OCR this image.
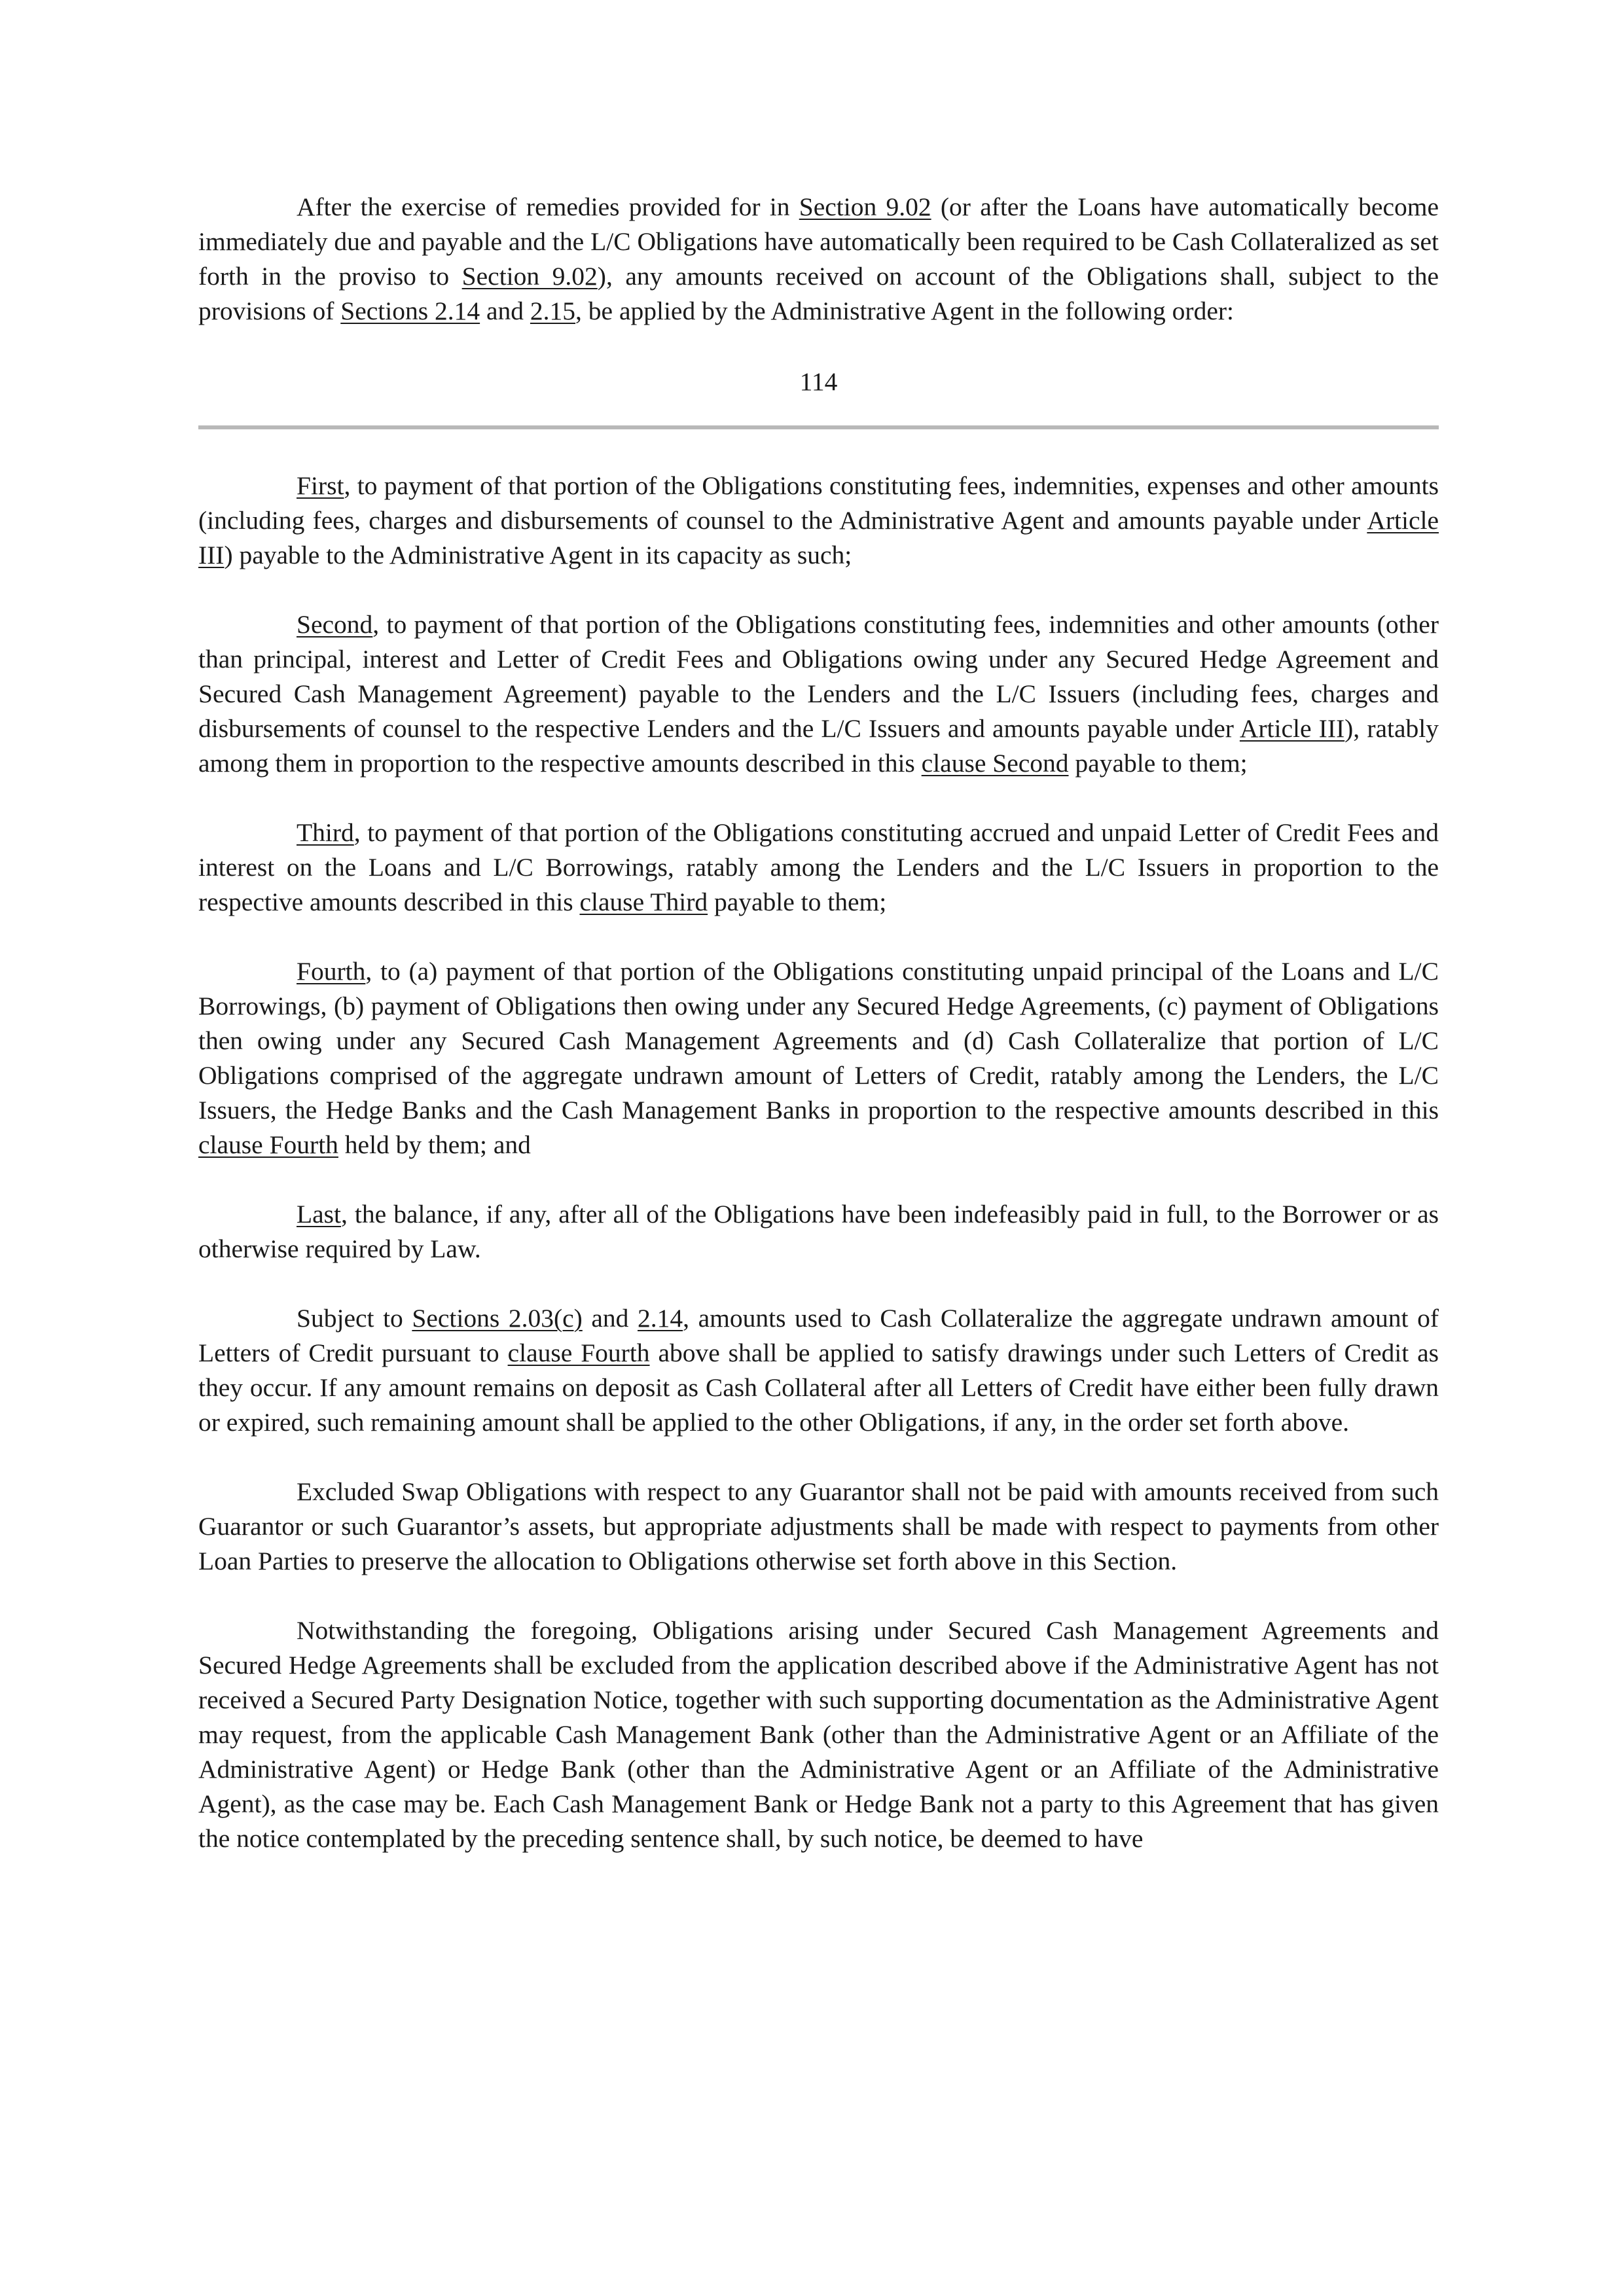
After the exercise of remedies provided for in Section 9.02 (or after the Loans have automatically become immediately due and payable and the L/C Obligations have automatically been required to be Cash Collateralized as set forth in the proviso to Section 9.02), any amounts received on account of the Obligations shall, subject to the provisions of Sections 2.14 and 2.15, be applied by the Administrative Agent in the following order:

114

First, to payment of that portion of the Obligations constituting fees, indemnities, expenses and other amounts (including fees, charges and disbursements of counsel to the Administrative Agent and amounts payable under Article III) payable to the Administrative Agent in its capacity as such;

Second, to payment of that portion of the Obligations constituting fees, indemnities and other amounts (other than principal, interest and Letter of Credit Fees and Obligations owing under any Secured Hedge Agreement and Secured Cash Management Agreement) payable to the Lenders and the L/C Issuers (including fees, charges and disbursements of counsel to the respective Lenders and the L/C Issuers and amounts payable under Article III), ratably among them in proportion to the respective amounts described in this clause Second payable to them;

Third, to payment of that portion of the Obligations constituting accrued and unpaid Letter of Credit Fees and interest on the Loans and L/C Borrowings, ratably among the Lenders and the L/C Issuers in proportion to the respective amounts described in this clause Third payable to them;

Fourth, to (a) payment of that portion of the Obligations constituting unpaid principal of the Loans and L/C Borrowings, (b) payment of Obligations then owing under any Secured Hedge Agreements, (c) payment of Obligations then owing under any Secured Cash Management Agreements and (d) Cash Collateralize that portion of L/C Obligations comprised of the aggregate undrawn amount of Letters of Credit, ratably among the Lenders, the L/C Issuers, the Hedge Banks and the Cash Management Banks in proportion to the respective amounts described in this clause Fourth held by them; and

Last, the balance, if any, after all of the Obligations have been indefeasibly paid in full, to the Borrower or as otherwise required by Law.

Subject to Sections 2.03(c) and 2.14, amounts used to Cash Collateralize the aggregate undrawn amount of Letters of Credit pursuant to clause Fourth above shall be applied to satisfy drawings under such Letters of Credit as they occur. If any amount remains on deposit as Cash Collateral after all Letters of Credit have either been fully drawn or expired, such remaining amount shall be applied to the other Obligations, if any, in the order set forth above.

Excluded Swap Obligations with respect to any Guarantor shall not be paid with amounts received from such Guarantor or such Guarantor’s assets, but appropriate adjustments shall be made with respect to payments from other Loan Parties to preserve the allocation to Obligations otherwise set forth above in this Section.

Notwithstanding the foregoing, Obligations arising under Secured Cash Management Agreements and Secured Hedge Agreements shall be excluded from the application described above if the Administrative Agent has not received a Secured Party Designation Notice, together with such supporting documentation as the Administrative Agent may request, from the applicable Cash Management Bank (other than the Administrative Agent or an Affiliate of the Administrative Agent) or Hedge Bank (other than the Administrative Agent or an Affiliate of the Administrative Agent), as the case may be. Each Cash Management Bank or Hedge Bank not a party to this Agreement that has given the notice contemplated by the preceding sentence shall, by such notice, be deemed to have
